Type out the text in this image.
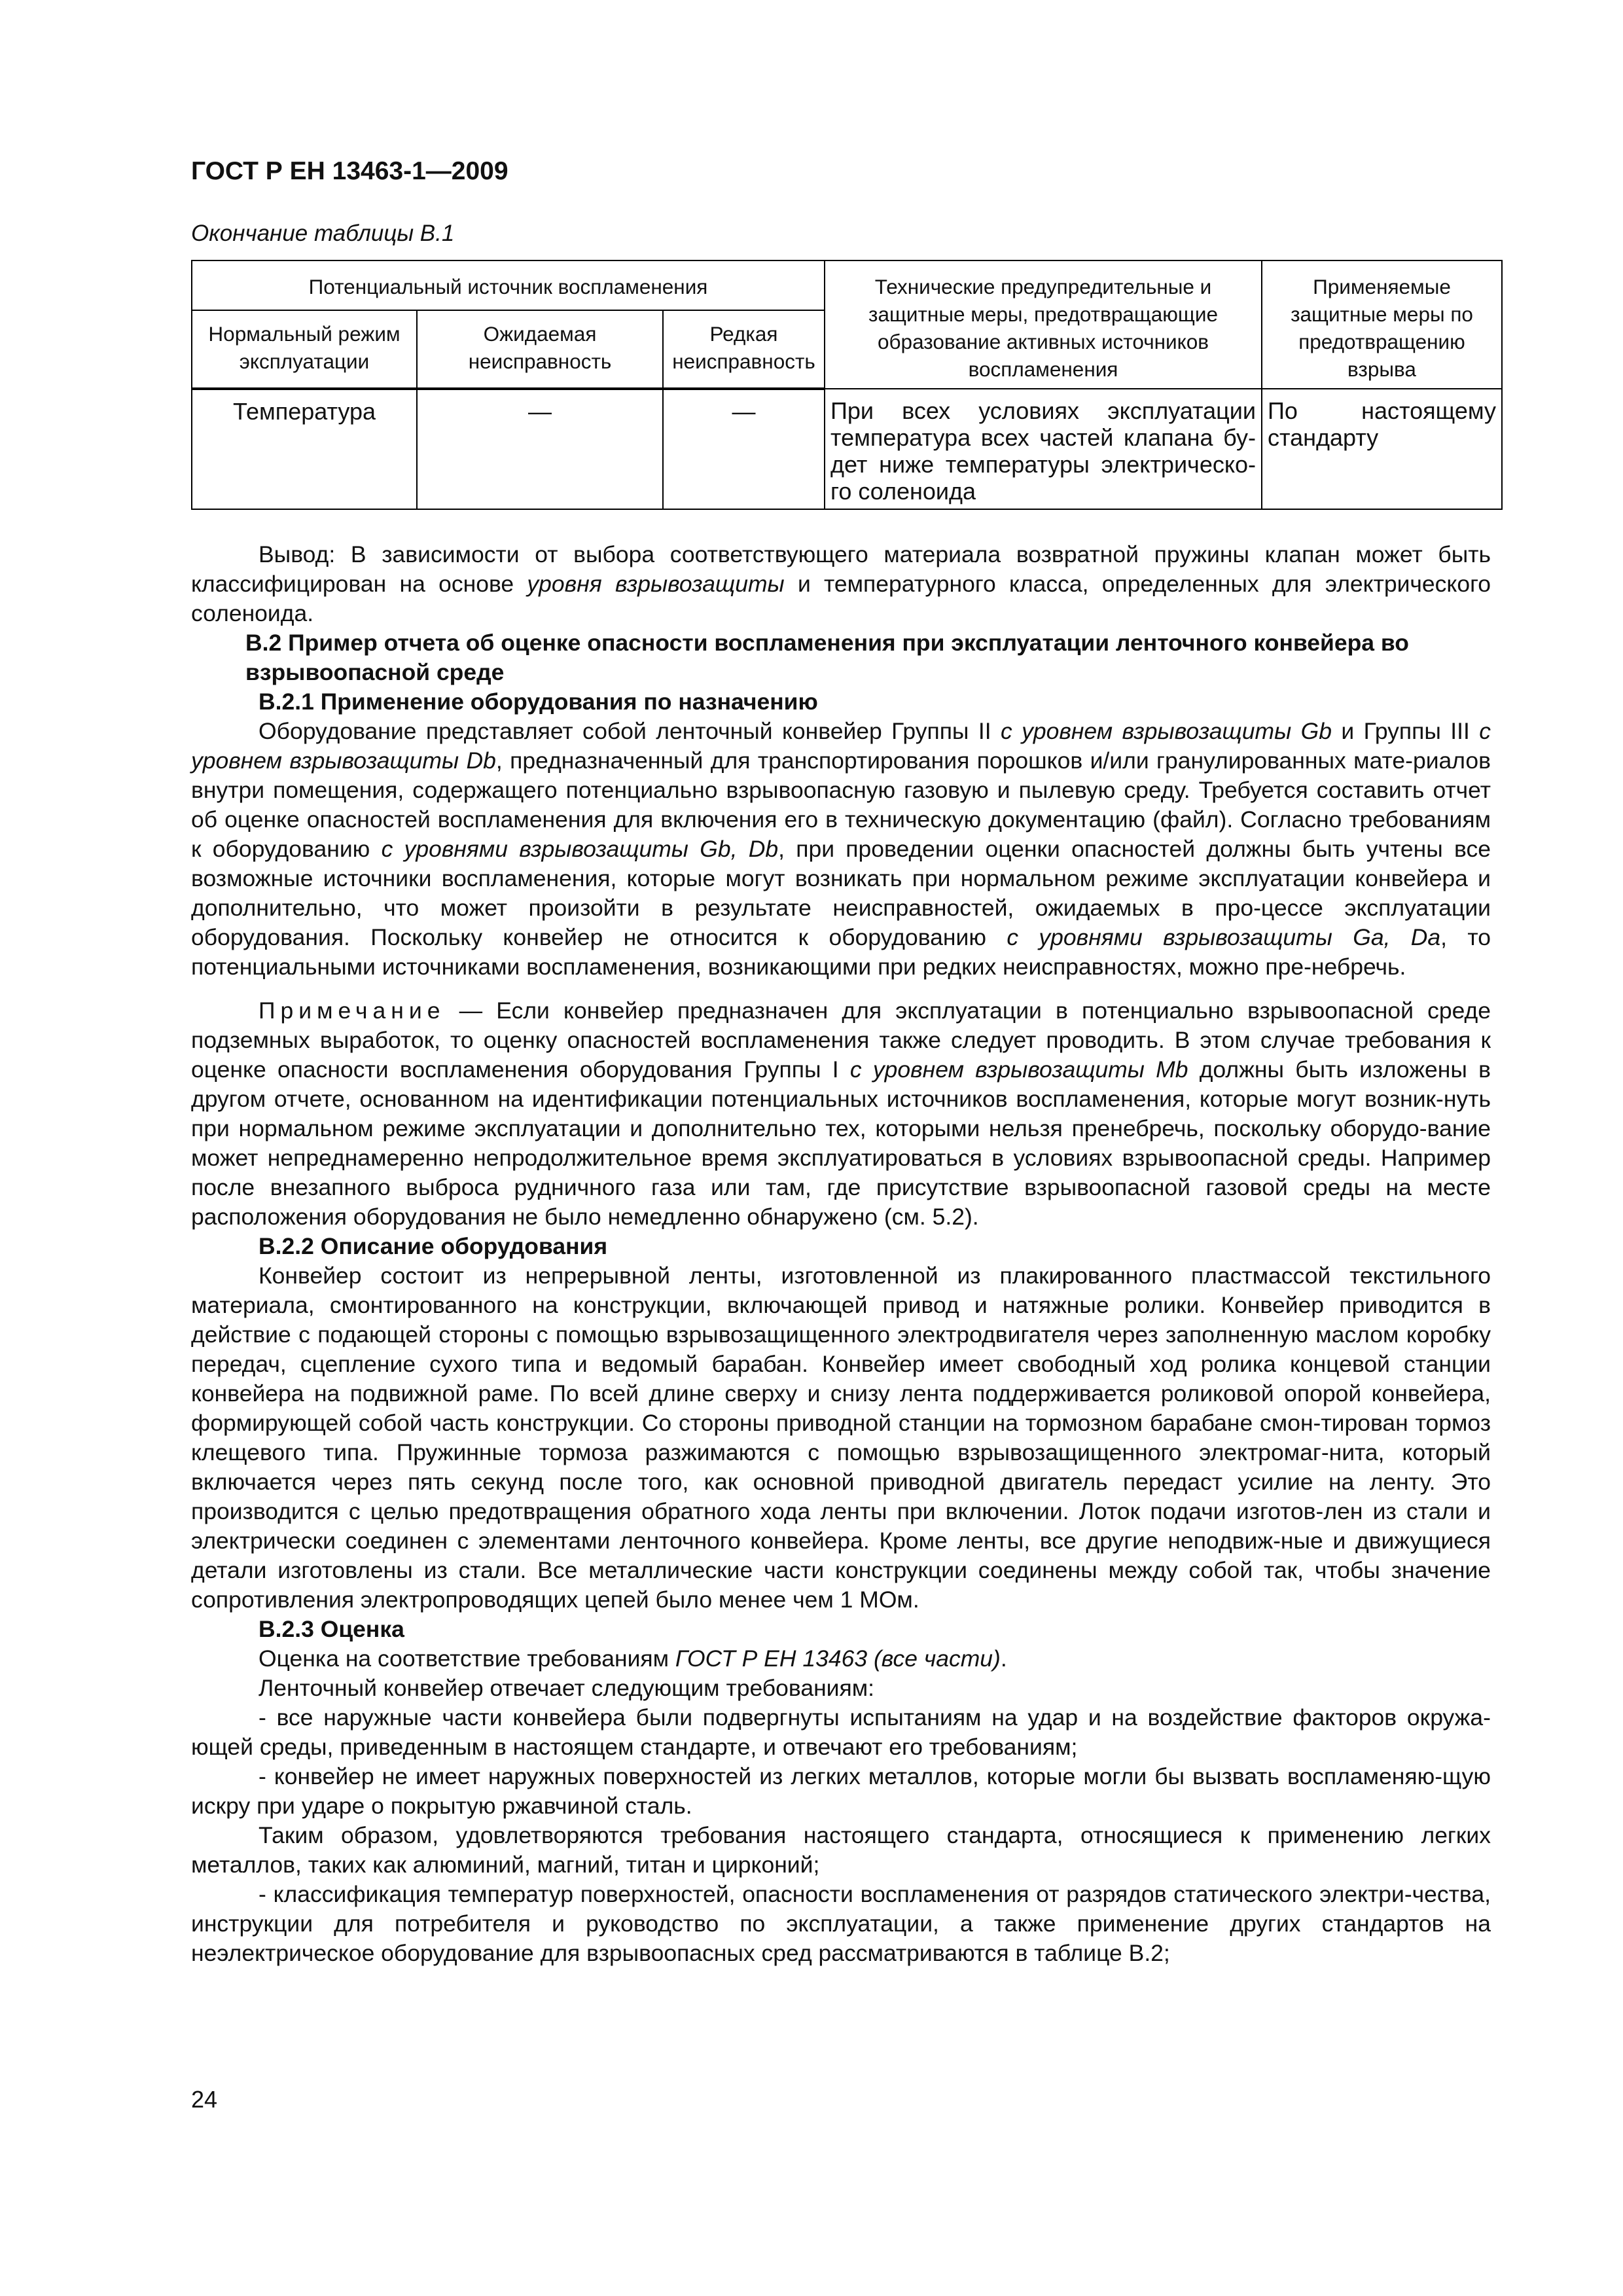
ГОСТ Р ЕН 13463-1—2009
Окончание таблицы В.1
Потенциальный источник воспламенения			Технические предупредительные и защитные меры, предотвращающие образование активных источников воспламенения	Применяемые защитные меры по предотвращению взрыва
Нормальный режим эксплуатации	Ожидаемая неисправность	Редкая неисправность		
Температура	—	—	При всех условиях эксплуатации температура всех частей клапана бу-дет ниже температуры электрическо-го соленоида	По настоящему стандарту

Вывод: В зависимости от выбора соответствующего материала возвратной пружины клапан может быть классифицирован на основе уровня взрывозащиты и температурного класса, определенных для электрического соленоида.

В.2 Пример отчета об оценке опасности воспламенения при эксплуатации ленточного конвейера во взрывоопасной среде

В.2.1 Применение оборудования по назначению

Оборудование представляет собой ленточный конвейер Группы II с уровнем взрывозащиты Gb и Группы III с уровнем взрывозащиты Db, предназначенный для транспортирования порошков и/или гранулированных мате-риалов внутри помещения, содержащего потенциально взрывоопасную газовую и пылевую среду. Требуется составить отчет об оценке опасностей воспламенения для включения его в техническую документацию (файл). Согласно требованиям к оборудованию с уровнями взрывозащиты Gb, Db, при проведении оценки опасностей должны быть учтены все возможные источники воспламенения, которые могут возникать при нормальном режиме эксплуатации конвейера и дополнительно, что может произойти в результате неисправностей, ожидаемых в про-цессе эксплуатации оборудования. Поскольку конвейер не относится к оборудованию с уровнями взрывозащиты Ga, Da, то потенциальными источниками воспламенения, возникающими при редких неисправностях, можно пре-небречь.

Примечание — Если конвейер предназначен для эксплуатации в потенциально взрывоопасной среде подземных выработок, то оценку опасностей воспламенения также следует проводить. В этом случае требования к оценке опасности воспламенения оборудования Группы I с уровнем взрывозащиты Mb должны быть изложены в другом отчете, основанном на идентификации потенциальных источников воспламенения, которые могут возник-нуть при нормальном режиме эксплуатации и дополнительно тех, которыми нельзя пренебречь, поскольку оборудо-вание может непреднамеренно непродолжительное время эксплуатироваться в условиях взрывоопасной среды. Например после внезапного выброса рудничного газа или там, где присутствие взрывоопасной газовой среды на месте расположения оборудования не было немедленно обнаружено (см. 5.2).

В.2.2 Описание оборудования

Конвейер состоит из непрерывной ленты, изготовленной из плакированного пластмассой текстильного материала, смонтированного на конструкции, включающей привод и натяжные ролики. Конвейер приводится в действие с подающей стороны с помощью взрывозащищенного электродвигателя через заполненную маслом коробку передач, сцепление сухого типа и ведомый барабан. Конвейер имеет свободный ход ролика концевой станции конвейера на подвижной раме. По всей длине сверху и снизу лента поддерживается роликовой опорой конвейера, формирующей собой часть конструкции. Со стороны приводной станции на тормозном барабане смон-тирован тормоз клещевого типа. Пружинные тормоза разжимаются с помощью взрывозащищенного электромаг-нита, который включается через пять секунд после того, как основной приводной двигатель передаст усилие на ленту. Это производится с целью предотвращения обратного хода ленты при включении. Лоток подачи изготов-лен из стали и электрически соединен с элементами ленточного конвейера. Кроме ленты, все другие неподвиж-ные и движущиеся детали изготовлены из стали. Все металлические части конструкции соединены между собой так, чтобы значение сопротивления электропроводящих цепей было менее чем 1 МОм.

В.2.3 Оценка

Оценка на соответствие требованиям ГОСТ Р ЕН 13463 (все части).

Ленточный конвейер отвечает следующим требованиям:

- все наружные части конвейера были подвергнуты испытаниям на удар и на воздействие факторов окружа-ющей среды, приведенным в настоящем стандарте, и отвечают его требованиям;

- конвейер не имеет наружных поверхностей из легких металлов, которые могли бы вызвать воспламеняю-щую искру при ударе о покрытую ржавчиной сталь.

Таким образом, удовлетворяются требования настоящего стандарта, относящиеся к применению легких металлов, таких как алюминий, магний, титан и цирконий;

- классификация температур поверхностей, опасности воспламенения от разрядов статического электри-чества, инструкции для потребителя и руководство по эксплуатации, а также применение других стандартов на неэлектрическое оборудование для взрывоопасных сред рассматриваются в таблице В.2;

24
